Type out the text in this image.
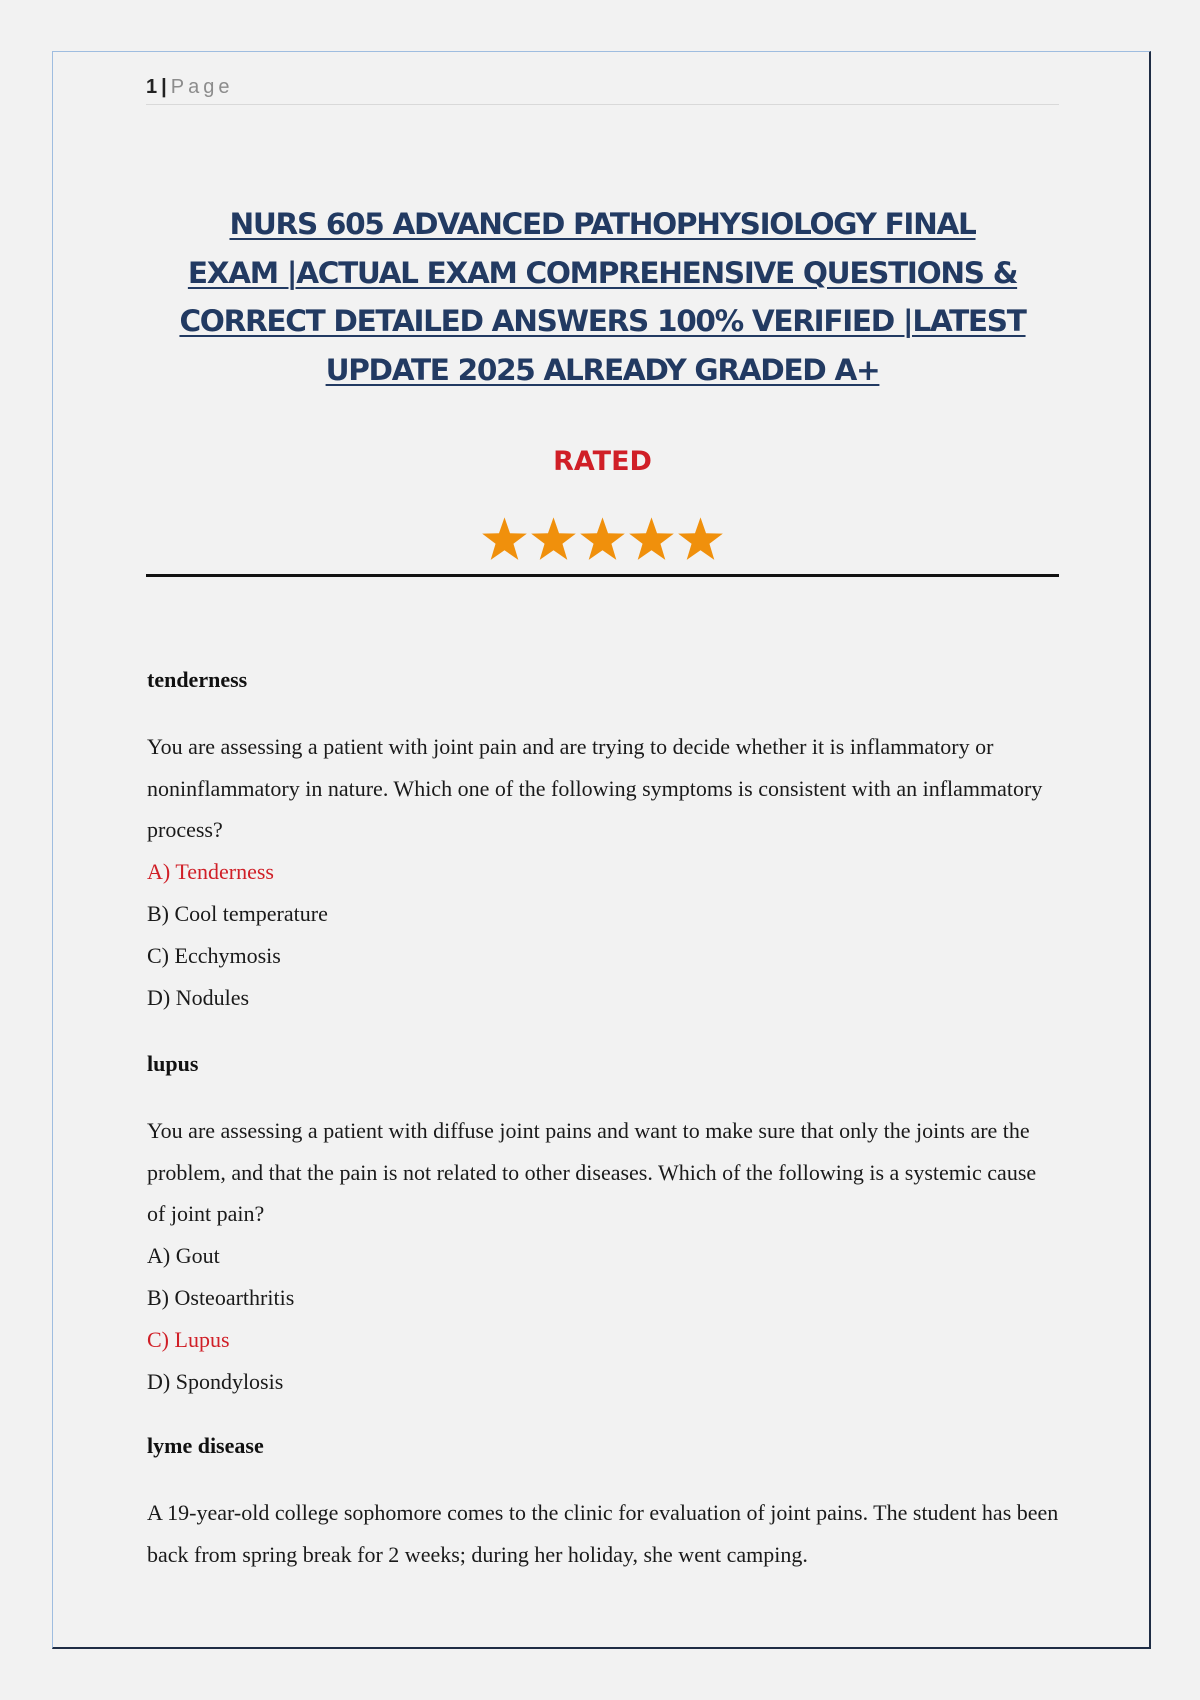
1 | Page
NURS 605 ADVANCED PATHOPHYSIOLOGY FINAL
EXAM |ACTUAL EXAM COMPREHENSIVE QUESTIONS &
CORRECT DETAILED ANSWERS 100% VERIFIED |LATEST
UPDATE 2025 ALREADY GRADED A+
RATED
tenderness

You are assessing a patient with joint pain and are trying to decide whether it is inflammatory or noninflammatory in nature. Which one of the following symptoms is consistent with an inflammatory process?

A) Tenderness

B) Cool temperature

C) Ecchymosis

D) Nodules

lupus

You are assessing a patient with diffuse joint pains and want to make sure that only the joints are the problem, and that the pain is not related to other diseases. Which of the following is a systemic cause of joint pain?

A) Gout

B) Osteoarthritis

C) Lupus

D) Spondylosis

lyme disease

A 19-year-old college sophomore comes to the clinic for evaluation of joint pains. The student has been back from spring break for 2 weeks; during her holiday, she went camping.
